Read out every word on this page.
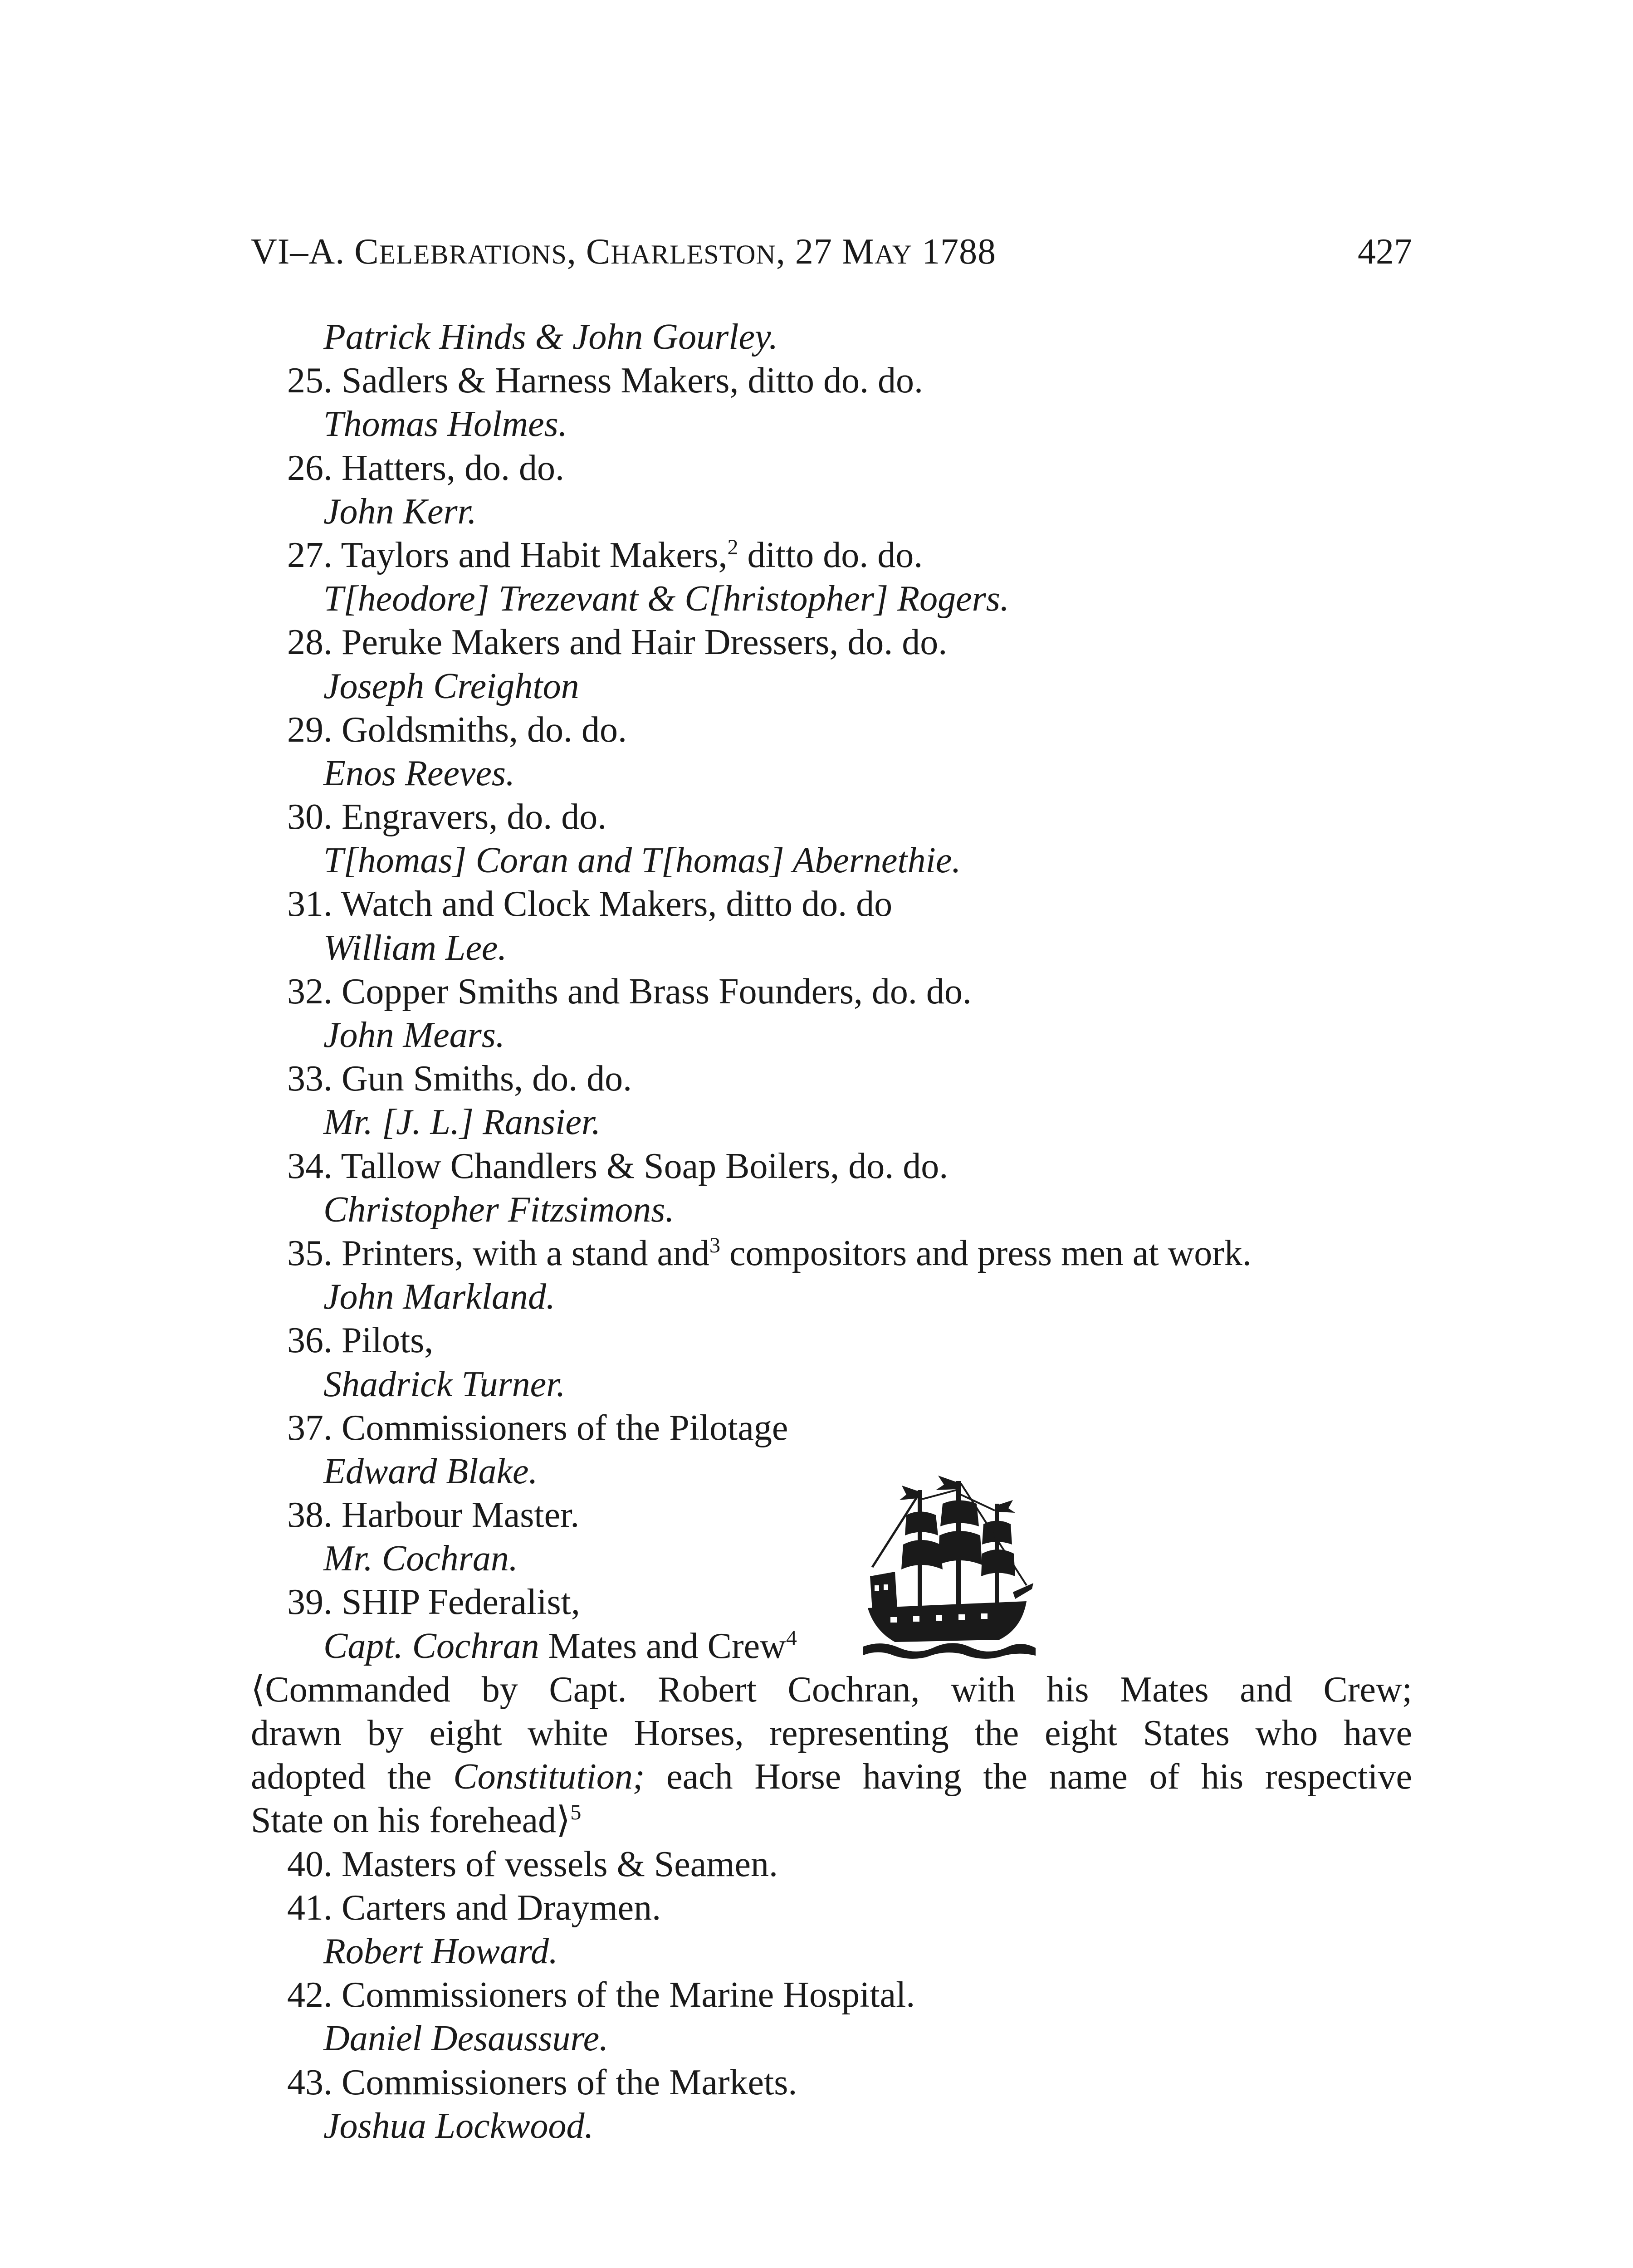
VI–A. CELEBRATIONS, CHARLESTON, 27 MAY 1788	427
Patrick Hinds & John Gourley.
25. Sadlers & Harness Makers, ditto do. do.
Thomas Holmes.
26. Hatters, do. do.
John Kerr.
27. Taylors and Habit Makers,$^2$ ditto do. do.
T[heodore] Trezevant & C[hristopher] Rogers.
28. Peruke Makers and Hair Dressers, do. do.
Joseph Creighton
29. Goldsmiths, do. do.
Enos Reeves.
30. Engravers, do. do.
T[homas] Coran and T[homas] Abernethie.
31. Watch and Clock Makers, ditto do. do
William Lee.
32. Copper Smiths and Brass Founders, do. do.
John Mears.
33. Gun Smiths, do. do.
Mr. [J. L.] Ransier.
34. Tallow Chandlers & Soap Boilers, do. do.
Christopher Fitzsimons.
35. Printers, with a stand and$^3$ compositors and press men at work.
John Markland.
36. Pilots,
Shadrick Turner.
37. Commissioners of the Pilotage
Edward Blake.
38. Harbour Master.
Mr. Cochran.
39. SHIP Federalist,
Capt. Cochran Mates and Crew$^4$
⟨Commanded by Capt. Robert Cochran, with his Mates and Crew;
drawn by eight white Horses, representing the eight States who have
adopted the Constitution; each Horse having the name of his respective
State on his forehead⟩$^5$
40. Masters of vessels & Seamen.
41. Carters and Draymen.
Robert Howard.
42. Commissioners of the Marine Hospital.
Daniel Desaussure.
43. Commissioners of the Markets.
Joshua Lockwood.
